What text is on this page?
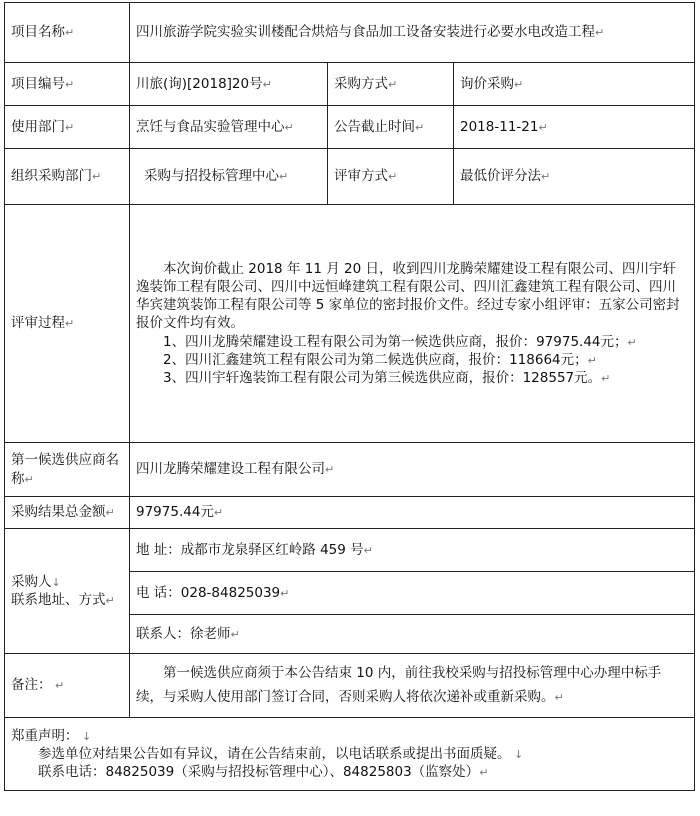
项目名称↵	四川旅游学院实验实训楼配合烘焙与食品加工设备安装进行必要水电改造工程↵		
项目编号↵	川旅(询)[2018]20号↵	采购方式↵	询价采购↵
使用部门↵	烹饪与食品实验管理中心↵	公告截止时间↵	2018-11-21↵
组织采购部门↵	采购与招投标管理中心↵	评审方式↵	最低价评分法↵
评审过程↵	本次询价截止 2018 年 11 月 20 日，收到四川龙腾荣耀建设工程有限公司、四川宇轩逸装饰工程有限公司、四川中远恒峰建筑工程有限公司、四川汇鑫建筑工程有限公司、四川华宾建筑装饰工程有限公司等 5 家单位的密封报价文件。经过专家小组评审：五家公司密封报价文件均有效。

1、四川龙腾荣耀建设工程有限公司为第一候选供应商，报价：97975.44元；↵

2、四川汇鑫建筑工程有限公司为第二候选供应商，报价：118664元；↵

3、四川宇轩逸装饰工程有限公司为第三候选供应商，报价：128557元。↵		

第一候选供应商名称↵	四川龙腾荣耀建设工程有限公司↵		
采购结果总金额↵	97975.44元↵		

采购人↓
联系地址、方式↵	地 址：成都市龙泉驿区红岭路 459 号↵		
	电 话：028-84825039↵		
	联系人：徐老师↵		
备注： ↵	第一候选供应商须于本公告结束 10 内，前往我校采购与招投标管理中心办理中标手续，与采购人使用部门签订合同，否则采购人将依次递补或重新采购。↵		

郑重声明： ↓
参选单位对结果公告如有异议，请在公告结束前，以电话联系或提出书面质疑。 ↓
联系电话：84825039（采购与招投标管理中心）、84825803（监察处）↵			
